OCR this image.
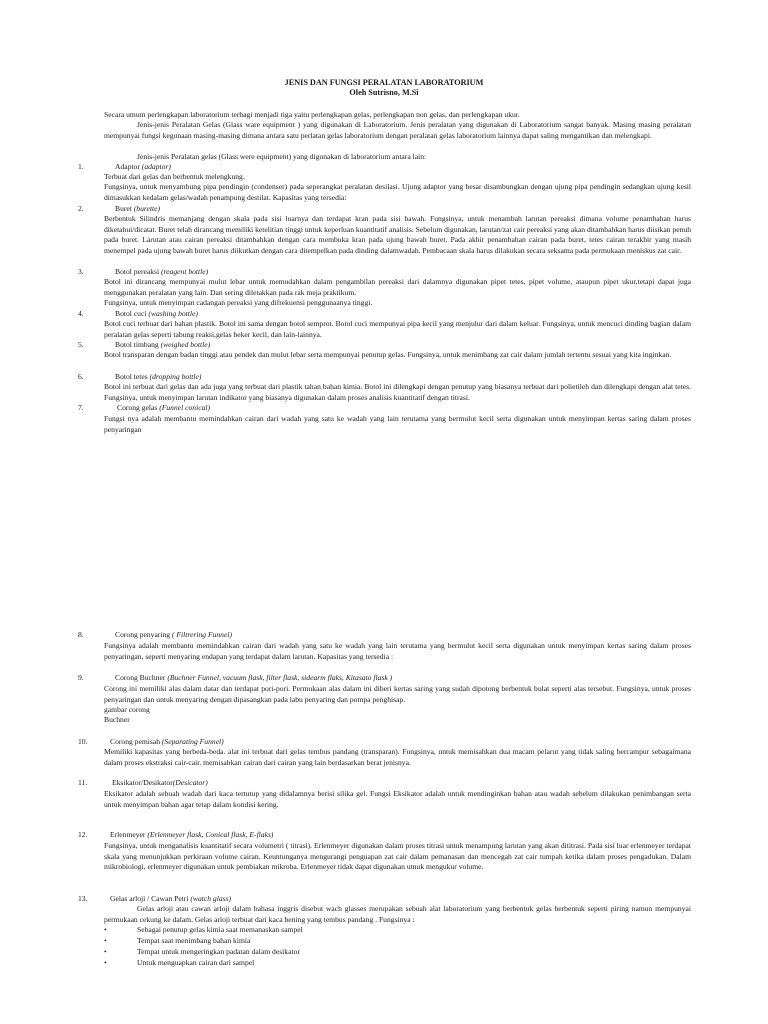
JENIS DAN FUNGSI PERALATAN LABORATORIUM
Oleh Sutrisno, M.Si
Secara umum perlengkapan laboratorium terbagi menjadi tiga yaitu perlengkapan gelas, perlengkapan non gelas, dan perlengkapan ukur.
Jenis-jenis Peralatan Gelas (Glass ware equipment ) yang digunakan di Laboratorium. Jenis peralatan yang digunakan di Laboratorium sangat banyak. Masing masing peralatan mempunyai fungsi kegunaan masing-masing dimana antara satu perlatan gelas laboratorium dengan peralatan gelas laboratorium lainnya dapat saling mengantikan dan melengkapi.
Jenis-jenis Peralatan gelas (Glass were equipment) yang digunakan di laboratorium antara lain:
1.	Adaptor (adaptor)
Terbuat dari gelas dan berbentuk melengkung.
Fungsinya, untuk menyambung pipa pendingin (condenser) pada seperangkat peralatan desilasi. Ujung adaptor yang besar disambungkan dengan ujung pipa pendingin sedangkan ujung kesil dimasukkan kedalam gelas/wadah penampung destilat. Kapasitas yang tersedia:
2.	Buret (burette)
Berbentuk Silindris memanjang dengan skala pada sisi luarnya dan terdapat kran pada sisi bawah. Fungsinya, untuk menambah larutan pereaksi dimana volume penambahan harus diketahui/dicatat. Buret telah dirancang memiliki ketelitian tinggi untuk keperluan kuantitatif analisis. Sebelum digunakan, larutan/zat cair pereaksi yang akan ditambahkan harus diisikan penuh pada buret. Larutan atau cairan pereaksi ditambahkan dengan cara membuka kran pada ujung bawah buret. Pada akhir penambahan cairan pada buret, tetes cairan terakhir yang masih menempel pada ujung bawah buret harus diikutkan dengan cara ditempelkan pada dinding dalamwadah. Pembacaan skala harus dilakukan secara seksama pada permukaan meniskus zat cair.
3.	Botol pereaksi (reagent bottle)
Botol ini dirancang mempunyai mulut lebar untuk memudahkan dalam pengambilan pereaksi dari dalamnya digunakan pipet tetes, pipet volume, ataupun pipet ukur,tetapi dapat juga menggunakan peralatan yang lain. Dan sering diletakkan pada rak meja praktikum.
Fungsinya, untuk menyimpan cadangan pereaksi yang difrekuensi penggunaanya tinggi.
4.	Botol cuci (washing bottle)
Botol cuci terbuat dari bahan plastik. Botol ini sama dengan botol semprot. Botol cuci mempunyai pipa kecil yang menjulur dari dalam keluar. Fungsinya, untuk mencuci dinding bagian dalam peralatan gelas seperti tabung reaksi,gelas beker kecil, dan lain-lainnya.
5.	Botol timbang (weighed bottle)
Botol transparan dengan badan tinggi atau pendek dan mulut lebar serta mempunyai penutup gelas. Fungsinya, untuk menimbang zat cair dalam jumlah tertentu sesuai yang kita inginkan.
6.	Botol tetes (dropping bottle)
Botol ini terbuat dari gelas dan ada juga yang terbuat dari plastik tahan bahan kimia. Botol ini dilengkapi dengan penutup yang biasanya terbuat dari polietileh dan dilengkapi dengan alat tetes. Fungsinya, untuk menyimpan larutan indikator yang biasanya digunakan dalam proses analisis kuantitatif dengan titrasi.
7.	Corong gelas (Funnel conical)
Fungsi nya adalah membantu memindahkan cairan dari wadah yang satu ke wadah yang lain terutama yang bermulut kecil serta digunakan untuk menyimpan kertas saring dalam proses penyaringan
8.	Corong penyaring ( Filtrering Funnel)
Fungsinya adalah membantu memindahkan cairan dari wadah yang satu ke wadah yang lain terutama yang bermulut kecil serta digunakan untuk menyimpan kertas saring dalam proses penyaringan, seperti menyaring endapan yang terdapat dalam larutan. Kapasitas yang tersedia :
9.	Corong Buchner (Buchner Funnel, vacuum flask, filter flask, sidearm flaks, Kitasato flask )
Corong ini memiliki alas dalam datar dan terdapat pori-pori. Permukaan alas dalam ini diberi kertas saring yang sudah dipotong berbentuk bulat seperti alas tersebut. Fungsinya, untuk proses penyaringan dan untuk menyaring dengan dipasangkan pada labu penyaring dan pompa penghisap.
gambar corong
Buchner
10.	Corong pemisah (Separating Funnel)
Memiliki kapasitas yang berbeda-beda. alat ini terbuat dari gelas tembus pandang (transparan). Fungsinya, untuk memisahkan dua macam pelarut yang tidak saling bercampur sebagaimana dalam proses ekstraksi cair-cair. memisahkan cairan dari cairan yang lain berdasarkan berat jenisnya.
11.	Eksikator/Desikator(Desicator)
Eksikator adalah sebuah wadah dari kaca tertutup yang didalamnya berisi silika gel. Fungsi Eksikator adalah untuk mendinginkan bahan atau wadah sebelum dilakukan penimbangan serta untuk menyimpan bahan agar tetap dalam kondisi kering.
12.	Erlenmeyer (Erlenmeyer flask, Conical flask, E-flaks)
Fungsinya, untuk menganalisis kuantitatif secara volumetri ( titrasi). Erlenmeyer digunakan dalam proses titrasi untuk menampung larutan yang akan dititrasi. Pada sisi luar erlenmeyer terdapat skala yang menunjukkan perkiraan volume cairan. Keuntunganya mengurangi penguapan zat cair dalam pemanasan dan mencegah zat cair tumpah ketika dalam proses pengadukan. Dalam mikrobiologi, erlenmeyer digunakan untuk pembiakan mikroba. Erlenmeyer tidak dapat digunakan utnuk mengukur volume.
13.	Gelas arloji / Cawan Petri (watch glass)
Gelas arloji atau cawan arloji dalam bahasa inggris disebut wach glasses merupakan sebuah alat laboratorium yang berbentuk gelas berbentuk seperti piring namun mempunyai permukaan cekung ke dalam. Gelas arloji terbuat dari kaca bening yang tembus pandang . Fungsinya :
•	Sebagai penutup gelas kimia saat memanaskan sampel
•	Tempat saat menimbang bahan kimia
•	Tempat untuk mengeringkan padatan dalam desikator
•	Untuk menguapkan cairan dari sampel
